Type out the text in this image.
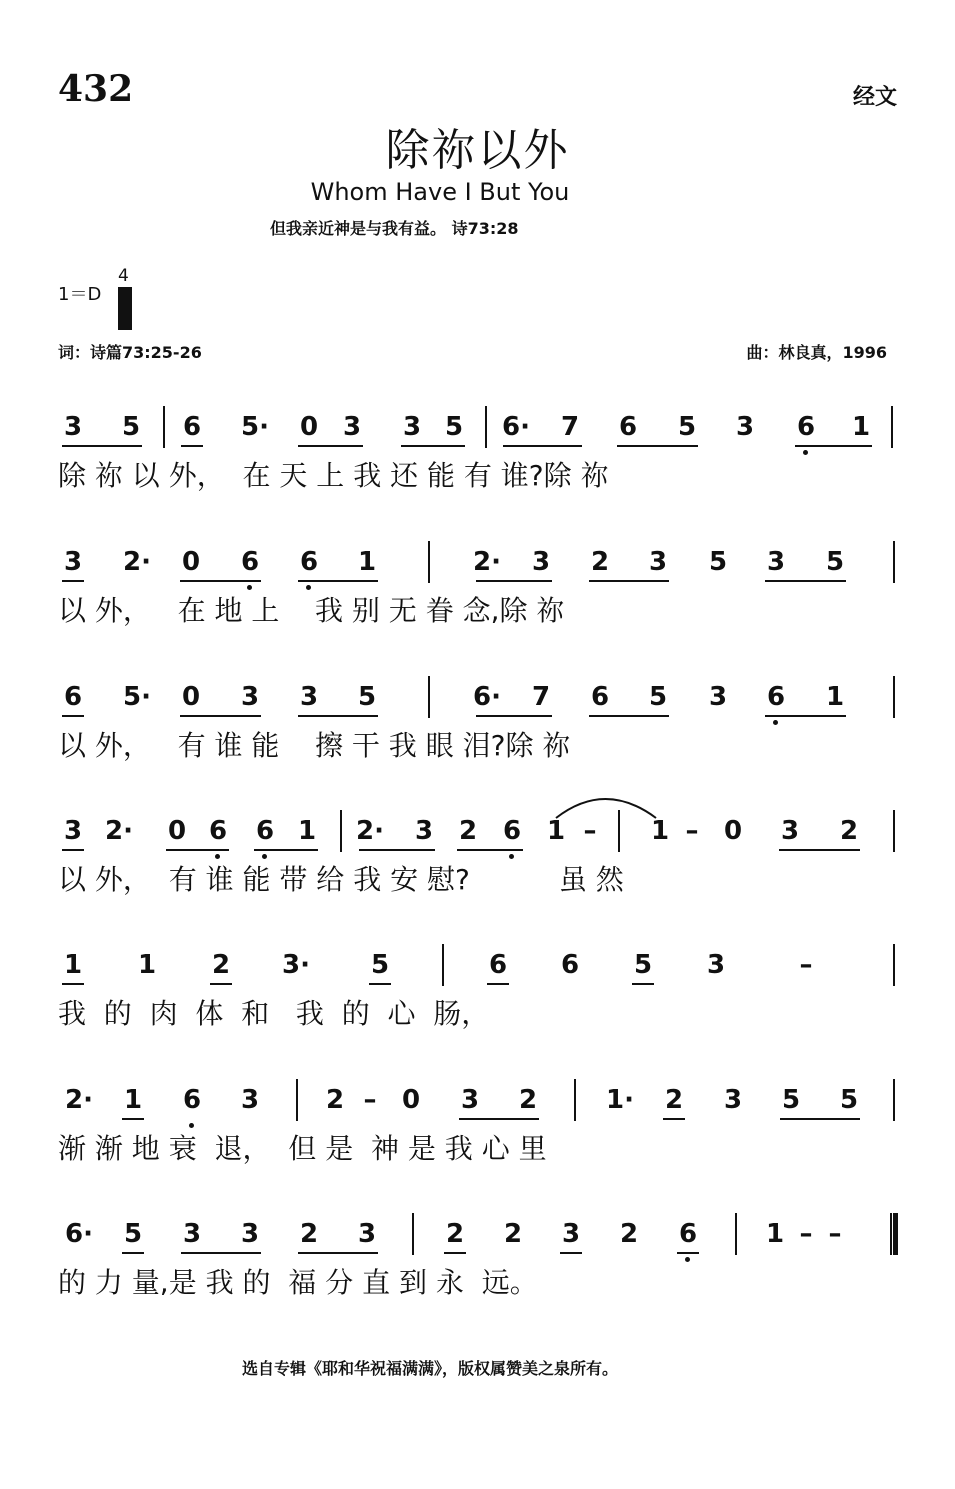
432	经文
除祢以外
Whom Have I But You
但我亲近神是与我有益。 诗73:28
1＝D
4
词：诗篇73:25-26	曲：林良真，1996
3 5 6 5· 0 3 3 5 6· 7 6 5 3 6 1
除 祢 以 外，  在 天 上 我 还 能 有 谁?除 祢
3 2· 0 6 6 1	2· 3 2 3 5 3 5
以 外，   在 地 上    我 别 无 眷 念,除 祢
6 5· 0 3 3 5	6· 7 6 5 3 6 1
以 外，   有 谁 能    擦 干 我 眼 泪?除 祢
3 2· 0 6 6 1 2· 3 2 6 1 –	1 – 0 3 2
以 外，  有 谁 能 带 给 我 安 慰?          虽 然
1 1 2 3· 5	6 6 5 3	–
我  的  肉  体  和   我  的  心  肠，
2· 1 6 3	2 – 0 3 2	1· 2 3 5 5
渐 渐 地 衰  退，  但 是  神 是 我 心 里
6· 5 3 3 2 3	2 2 3 2 6	1 – –
的 力 量,是 我 的  福 分 直 到 永  远。
选自专辑《耶和华祝福满满》，版权属赞美之泉所有。
